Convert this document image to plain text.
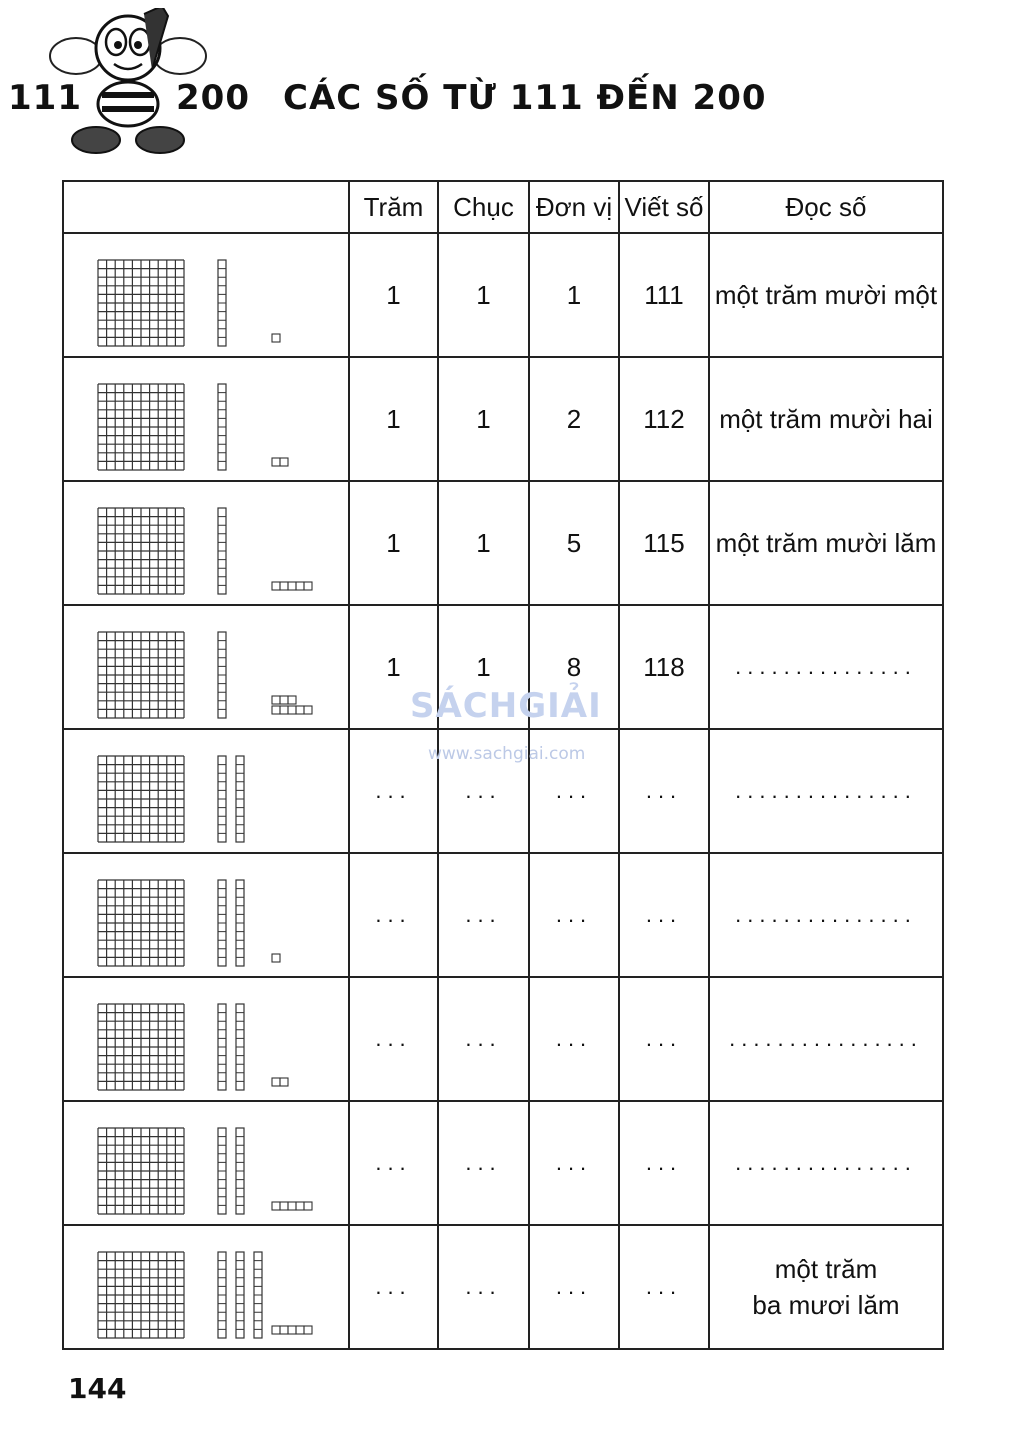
111	200 CÁC SỐ TỪ 111 ĐẾN 200
	Trăm	Chục	Đơn vị	Viết số	Đọc số

	1	1	1	111	một trăm mười một

	1	1	2	112	một trăm mười hai

	1	1	5	115	một trăm mười lăm

	1	1	8	118	...............

	...	...	...	...	...............

	...	...	...	...	...............

	...	...	...	...	................

	...	...	...	...	...............

	...	...	...	...	một trăm
ba mươi lăm
SÁCHGIẢI
www.sachgiai.com
144
